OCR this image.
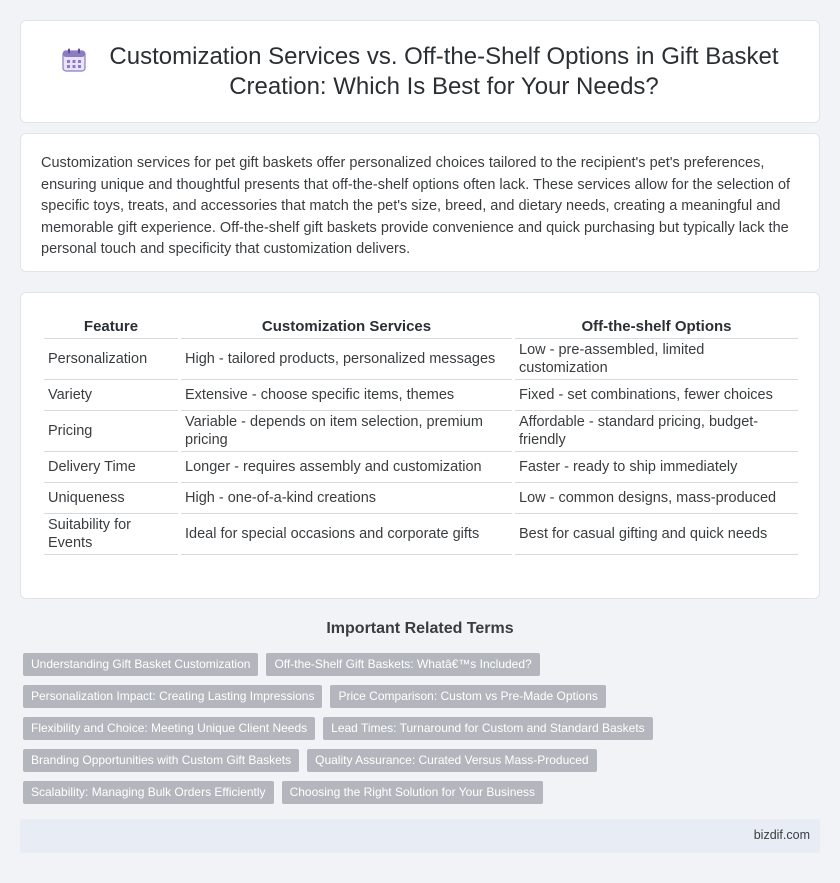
Customization Services vs. Off-the-Shelf Options in Gift Basket Creation: Which Is Best for Your Needs?

Customization services for pet gift baskets offer personalized choices tailored to the recipient's pet's preferences, ensuring unique and thoughtful presents that off-the-shelf options often lack. These services allow for the selection of specific toys, treats, and accessories that match the pet's size, breed, and dietary needs, creating a meaningful and memorable gift experience. Off-the-shelf gift baskets provide convenience and quick purchasing but typically lack the personal touch and specificity that customization delivers.

Feature	Customization Services	Off-the-shelf Options
Personalization	High - tailored products, personalized messages	Low - pre-assembled, limited customization
Variety	Extensive - choose specific items, themes	Fixed - set combinations, fewer choices
Pricing	Variable - depends on item selection, premium pricing	Affordable - standard pricing, budget-friendly
Delivery Time	Longer - requires assembly and customization	Faster - ready to ship immediately
Uniqueness	High - one-of-a-kind creations	Low - common designs, mass-produced
Suitability for Events	Ideal for special occasions and corporate gifts	Best for casual gifting and quick needs
Important Related Terms
Understanding Gift Basket Customization	Off-the-Shelf Gift Baskets: Whatâ€™s Included?
Personalization Impact: Creating Lasting Impressions	Price Comparison: Custom vs Pre-Made Options
Flexibility and Choice: Meeting Unique Client Needs	Lead Times: Turnaround for Custom and Standard Baskets
Branding Opportunities with Custom Gift Baskets	Quality Assurance: Curated Versus Mass-Produced
Scalability: Managing Bulk Orders Efficiently	Choosing the Right Solution for Your Business
bizdif.com
